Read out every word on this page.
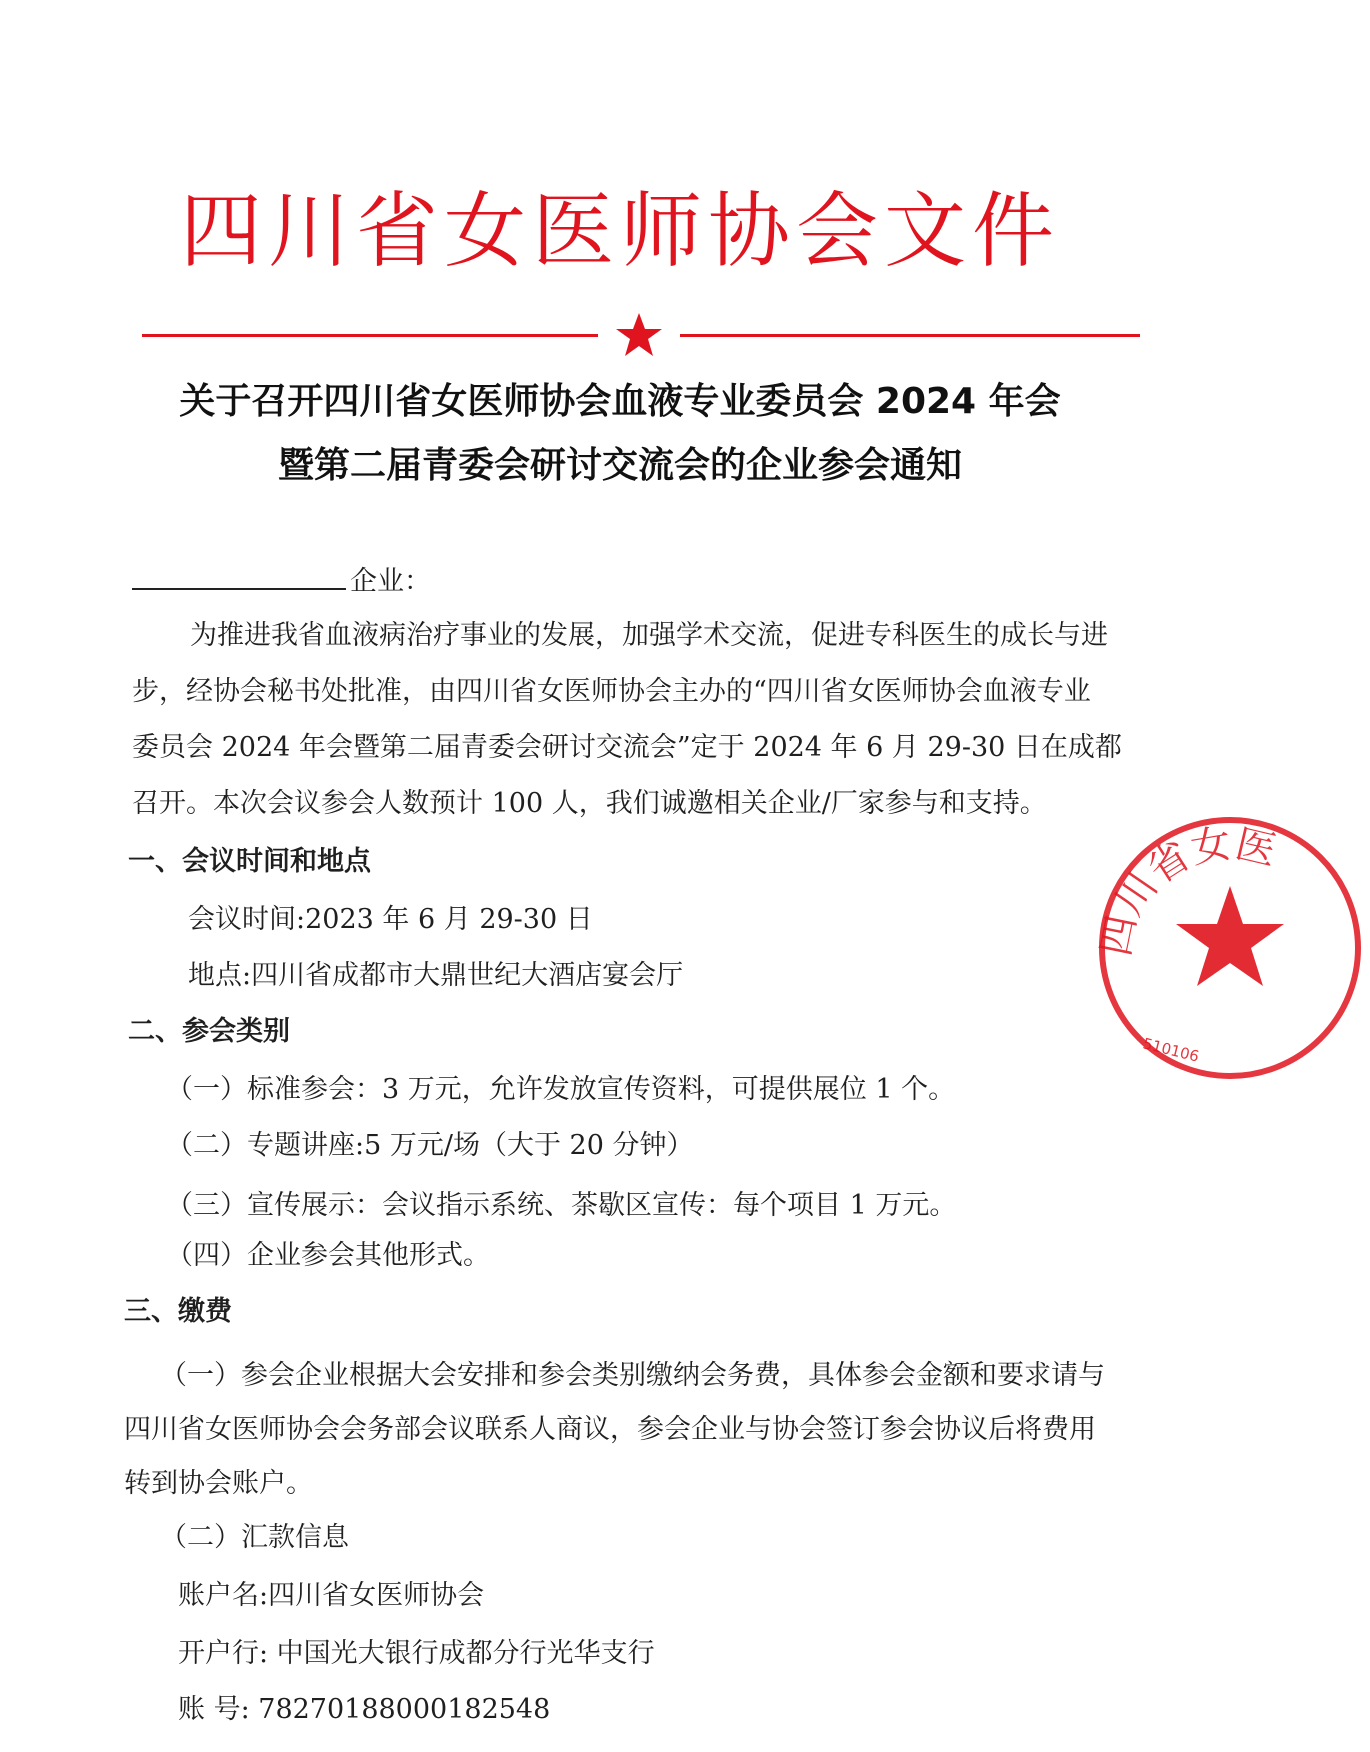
四川省女医师协会文件
关于召开四川省女医师协会血液专业委员会 2024 年会
暨第二届青委会研讨交流会的企业参会通知
企业：
为推进我省血液病治疗事业的发展，加强学术交流，促进专科医生的成长与进
步，经协会秘书处批准，由四川省女医师协会主办的“四川省女医师协会血液专业
委员会 2024 年会暨第二届青委会研讨交流会”定于 2024 年 6 月 29-30 日在成都
召开。本次会议参会人数预计 100 人，我们诚邀相关企业/厂家参与和支持。
一、会议时间和地点
会议时间:2023 年 6 月 29-30 日
地点:四川省成都市大鼎世纪大酒店宴会厅
二、参会类别
（一）标准参会：3 万元，允许发放宣传资料，可提供展位 1 个。
（二）专题讲座:5 万元/场（大于 20 分钟）
（三）宣传展示：会议指示系统、茶歇区宣传：每个项目 1 万元。
（四）企业参会其他形式。
三、缴费
（一）参会企业根据大会安排和参会类别缴纳会务费，具体参会金额和要求请与
四川省女医师协会会务部会议联系人商议，参会企业与协会签订参会协议后将费用
转到协会账户。
（二）汇款信息
账户名:四川省女医师协会
开户行: 中国光大银行成都分行光华支行
账 号: 78270188000182548
四川省女医
510106
